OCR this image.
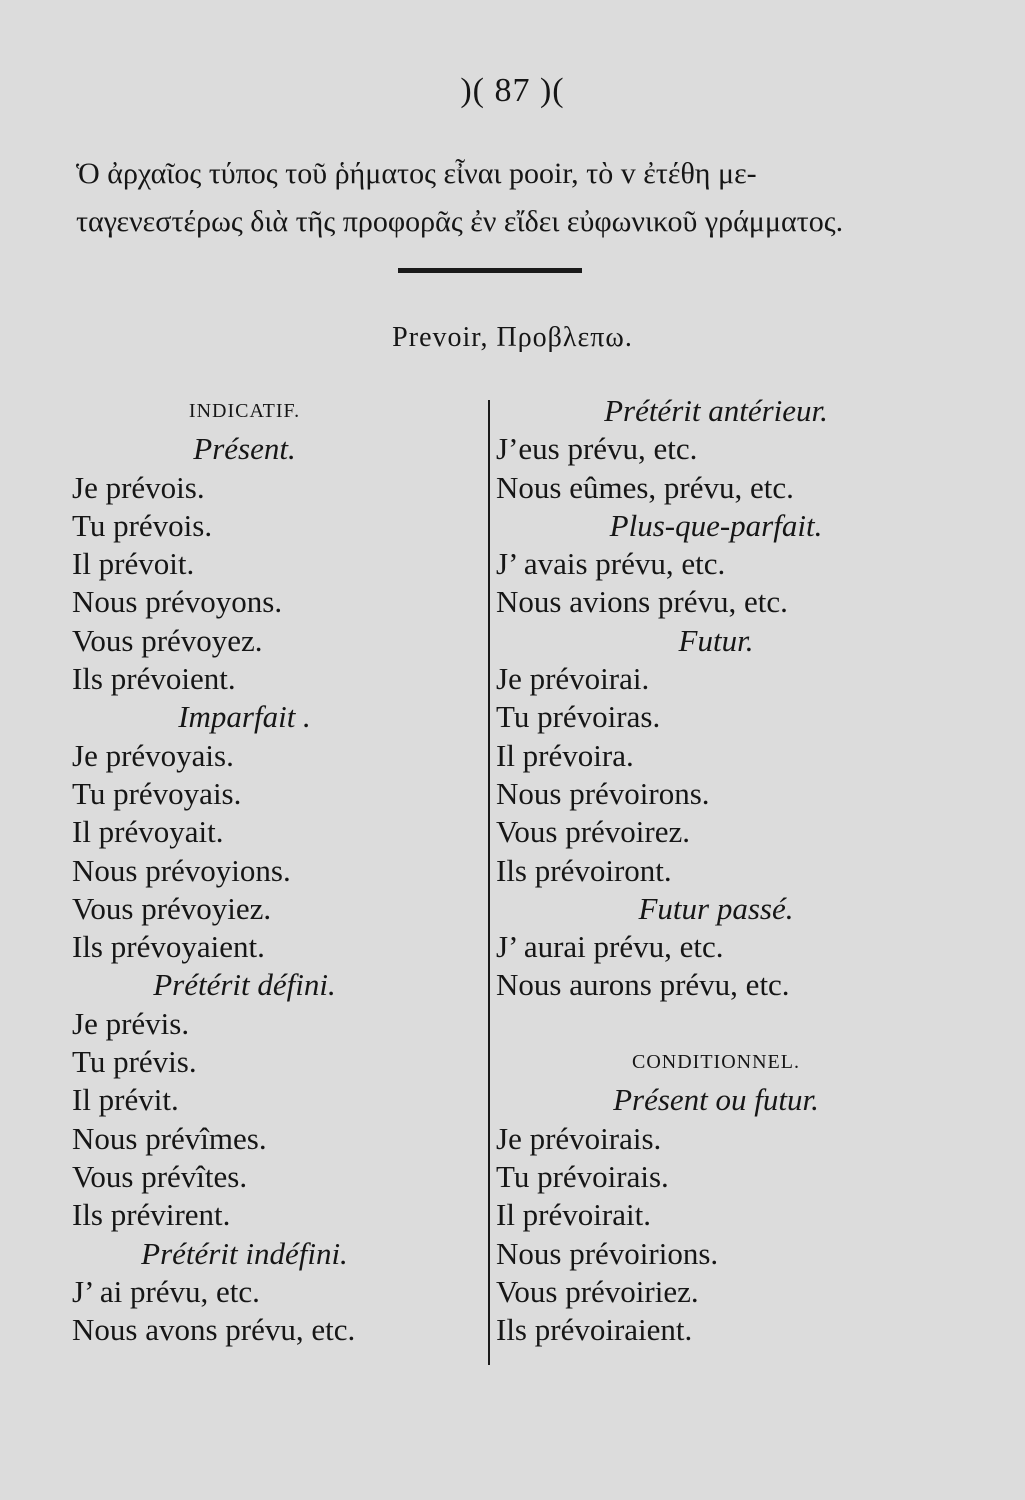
)( 87 )(
Ὁ ἀρχαῖος τύπος τοῦ ῥήματος εἶναι pooir, τὸ v ἐτέθη με-
ταγενεστέρως διὰ τῆς προφορᾶς ἐν εἴδει εὐφωνικοῦ γράμματος.
Prevoir, Προβλεπω.
INDICATIF.
Présent.
Je prévois.
Tu prévois.
Il prévoit.
Nous prévoyons.
Vous prévoyez.
Ils prévoient.
Imparfait .
Je prévoyais.
Tu prévoyais.
Il prévoyait.
Nous prévoyions.
Vous prévoyiez.
Ils prévoyaient.
Prétérit défini.
Je prévis.
Tu prévis.
Il prévit.
Nous prévîmes.
Vous prévîtes.
Ils prévirent.
Prétérit indéfini.
J’ ai prévu, etc.
Nous avons prévu, etc.
Prétérit antérieur.
J’eus prévu, etc.
Nous eûmes, prévu, etc.
Plus-que-parfait.
J’ avais prévu, etc.
Nous avions prévu, etc.
Futur.
Je prévoirai.
Tu prévoiras.
Il prévoira.
Nous prévoirons.
Vous prévoirez.
Ils prévoiront.
Futur passé.
J’ aurai prévu, etc.
Nous aurons prévu, etc.
CONDITIONNEL.
Présent ou futur.
Je prévoirais.
Tu prévoirais.
Il prévoirait.
Nous prévoirions.
Vous prévoiriez.
Ils prévoiraient.
